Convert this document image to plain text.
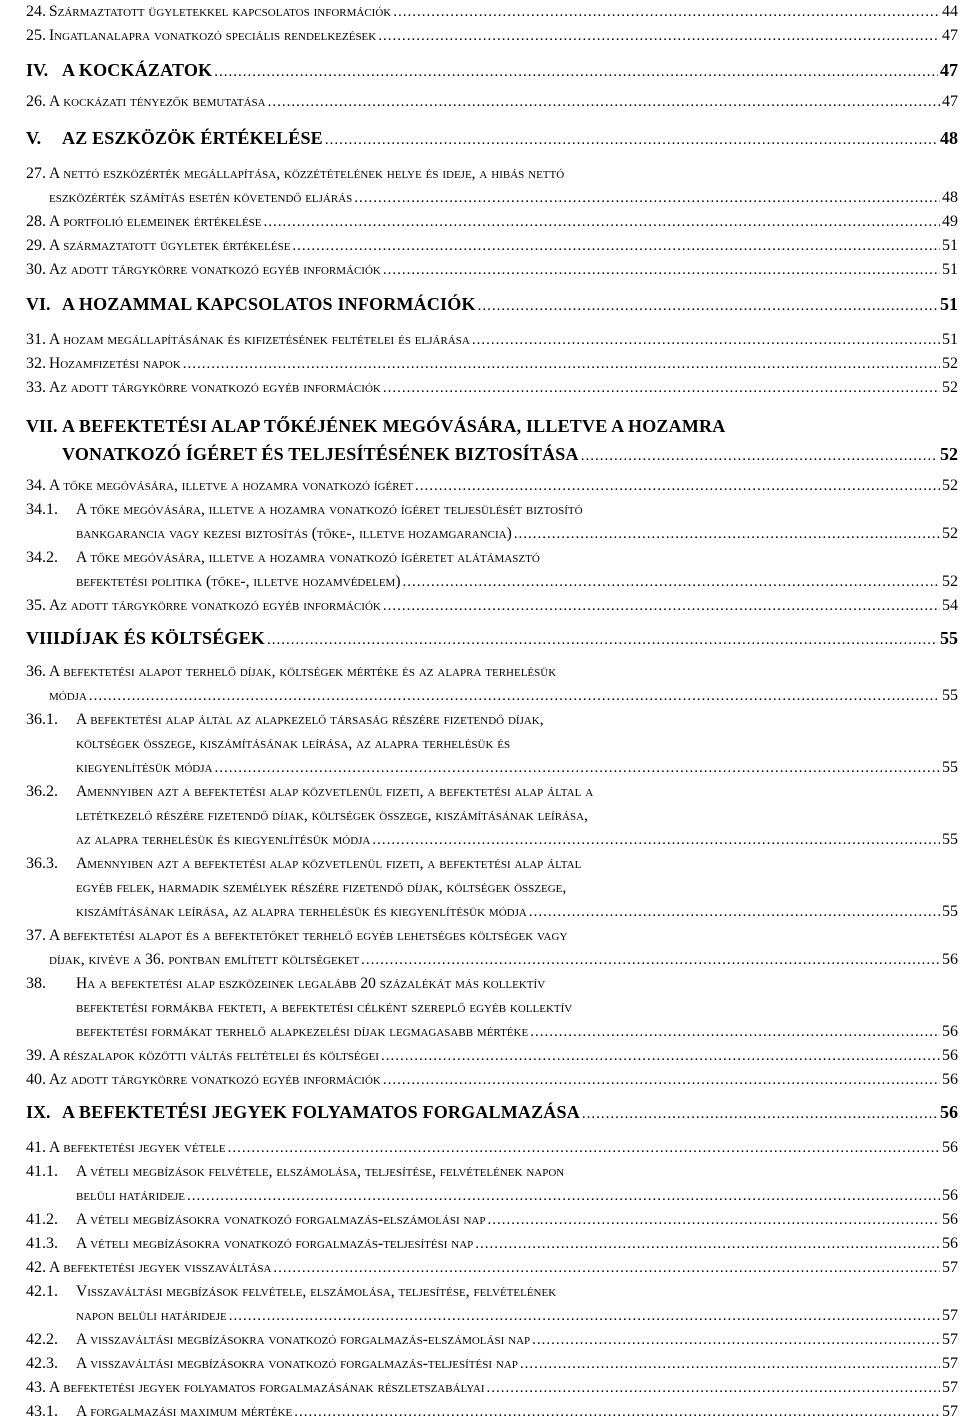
24. Származtatott ügyletekkel kapcsolatos információk .....	44
25. Ingatlanalapra vonatkozó speciális rendelkezések .....	47
IV. A KOCKÁZATOK .....	47
26. A kockázati tényezők bemutatása .....	47
V. AZ ESZKÖZÖK ÉRTÉKELÉSE .....	48
27. A nettó eszközérték megállapítása, közzétételének helye és ideje, a hibás nettó
eszközérték számítás esetén követendő eljárás .....	48
28. A portfolió elemeinek értékelése .....	49
29. A származtatott ügyletek értékelése .....	51
30. Az adott tárgykörre vonatkozó egyéb információk .....	51
VI. A HOZAMMAL KAPCSOLATOS INFORMÁCIÓK .....	51
31. A hozam megállapításának és kifizetésének feltételei és eljárása .....	51
32. Hozamfizetési napok .....	52
33. Az adott tárgykörre vonatkozó egyéb információk .....	52
VII. A BEFEKTETÉSI ALAP TŐKÉJÉNEK MEGÓVÁSÁRA, ILLETVE A HOZAMRA
VONATKOZÓ ÍGÉRET ÉS TELJESÍTÉSÉNEK BIZTOSÍTÁSA .....	52
34. A tőke megóvására, illetve a hozamra vonatkozó ígéret .....	52
34.1. A tőke megóvására, illetve a hozamra vonatkozó ígéret teljesülését biztosító
bankgarancia vagy kezesi biztosítás (tőke-, illetve hozamgarancia) .....	52
34.2. A tőke megóvására, illetve a hozamra vonatkozó ígéretet alátámasztó
befektetési politika (tőke-, illetve hozamvédelem) .....	52
35. Az adott tárgykörre vonatkozó egyéb információk .....	54
VIII.
DÍJAK ÉS KÖLTSÉGEK .....	55
36. A befektetési alapot terhelő díjak, költségek mértéke és az alapra terhelésük
módja .....	55
36.1. A befektetési alap által az alapkezelő társaság részére fizetendő díjak,
költségek összege, kiszámításának leírása, az alapra terhelésük és
kiegyenlítésük módja .....	55
36.2. Amennyiben azt a befektetési alap közvetlenül fizeti, a befektetési alap által a
letétkezelő részére fizetendő díjak, költségek összege, kiszámításának leírása,
az alapra terhelésük és kiegyenlítésük módja .....	55
36.3. Amennyiben azt a befektetési alap közvetlenül fizeti, a befektetési alap által
egyéb felek, harmadik személyek részére fizetendő díjak, költségek összege,
kiszámításának leírása, az alapra terhelésük és kiegyenlítésük módja .....	55
37. A befektetési alapot és a befektetőket terhelő egyéb lehetséges költségek vagy
díjak, kivéve a 36. pontban említett költségeket .....	56
38. Ha a befektetési alap eszközeinek legalább 20 százalékát más kollektív
befektetési formákba fekteti, a befektetési célként szereplő egyéb kollektív
befektetési formákat terhelő alapkezelési díjak legmagasabb mértéke .....	56
39. A részalapok közötti váltás feltételei és költségei .....	56
40. Az adott tárgykörre vonatkozó egyéb információk .....	56
IX. A BEFEKTETÉSI JEGYEK FOLYAMATOS FORGALMAZÁSA .....	56
41. A befektetési jegyek vétele .....	56
41.1. A vételi megbízások felvétele, elszámolása, teljesítése, felvételének napon
belüli határideje .....	56
41.2. A vételi megbízásokra vonatkozó forgalmazás-elszámolási nap .....	56
41.3. A vételi megbízásokra vonatkozó forgalmazás-teljesítési nap .....	56
42. A befektetési jegyek visszaváltása .....	57
42.1. Visszaváltási megbízások felvétele, elszámolása, teljesítése, felvételének
napon belüli határideje .....	57
42.2. A visszaváltási megbízásokra vonatkozó forgalmazás-elszámolási nap .....	57
42.3. A visszaváltási megbízásokra vonatkozó forgalmazás-teljesítési nap .....	57
43. A befektetési jegyek folyamatos forgalmazásának részletszabályai .....	57
43.1. A forgalmazási maximum mértéke .....	57
